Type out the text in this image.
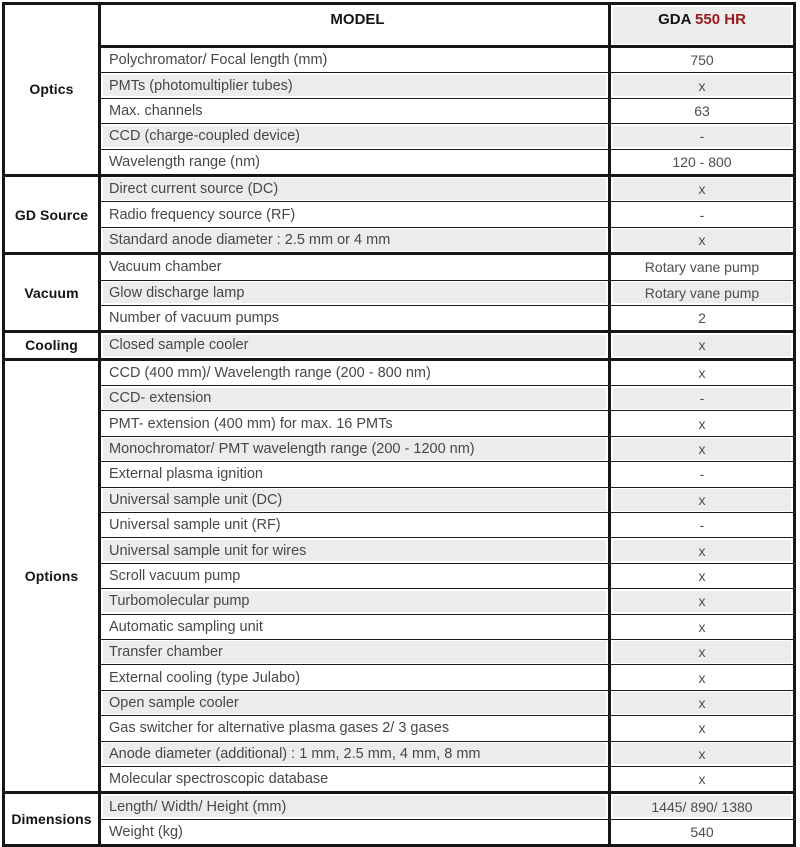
Optics
MODEL	GDA 550 HR
Polychromator/ Focal length (mm)	750
PMTs (photomultiplier tubes)	x
Max. channels	63
CCD (charge-coupled device)	-
Wavelength range (nm)	120 - 800
GD Source
Direct current source (DC)	x
Radio frequency source (RF)	-
Standard anode diameter : 2.5 mm or 4 mm	x
Vacuum
Vacuum chamber	Rotary vane pump
Glow discharge lamp	Rotary vane pump
Number of vacuum pumps	2
Cooling	Closed sample cooler	x
Options
CCD (400 mm)/ Wavelength range (200 - 800 nm)	x
CCD- extension	-
PMT- extension (400 mm) for max. 16 PMTs	x
Monochromator/ PMT wavelength range (200 - 1200 nm)	x
External plasma ignition	-
Universal sample unit (DC)	x
Universal sample unit (RF)	-
Universal sample unit for wires	x
Scroll vacuum pump	x
Turbomolecular pump	x
Automatic sampling unit	x
Transfer chamber	x
External cooling (type Julabo)	x
Open sample cooler	x
Gas switcher for alternative plasma gases 2/ 3 gases	x
Anode diameter (additional) : 1 mm, 2.5 mm, 4 mm, 8 mm	x
Molecular spectroscopic database	x
Dimensions
Length/ Width/ Height (mm)	1445/ 890/ 1380
Weight (kg)	540
